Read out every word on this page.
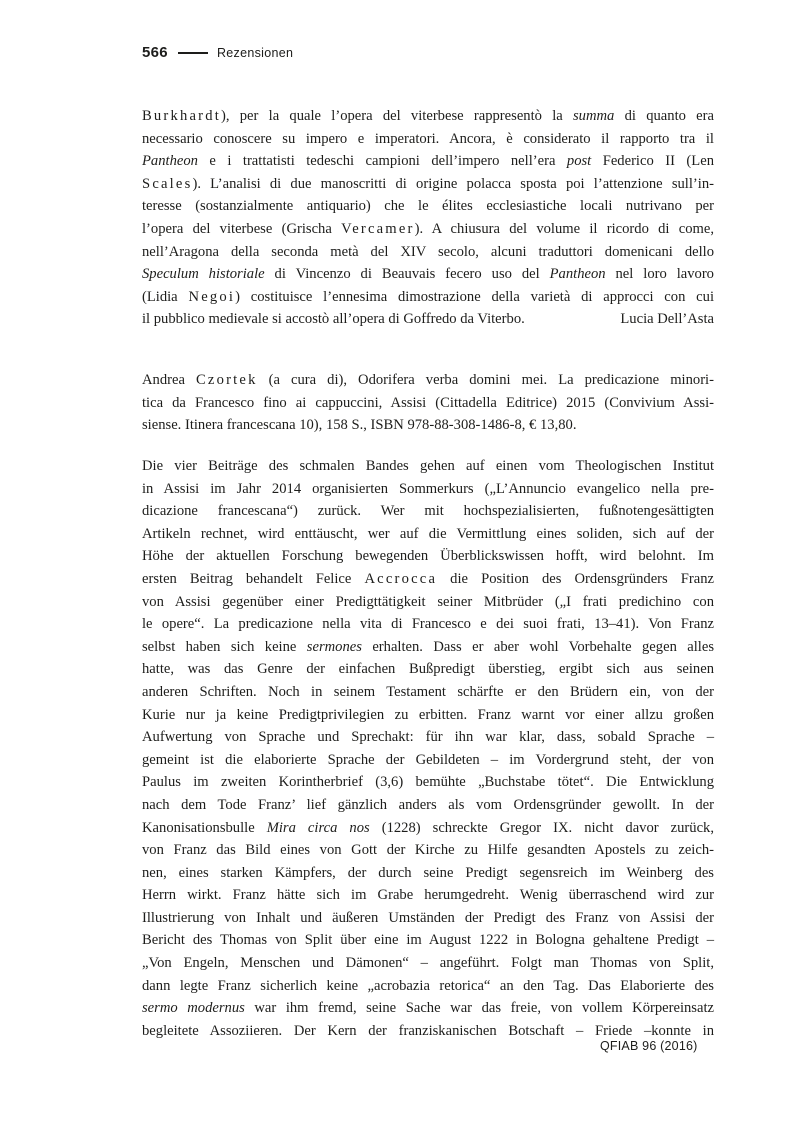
566	Rezensionen

Burkhardt), per la quale l’opera del viterbese rappresentò la summa di quanto era
necessario conoscere su impero e imperatori. Ancora, è considerato il rapporto tra il
Pantheon e i trattatisti tedeschi campioni dell’impero nell’era post Federico II (Len
Scales). L’analisi di due manoscritti di origine polacca sposta poi l’attenzione sull’in-
teresse (sostanzialmente antiquario) che le élites ecclesiastiche locali nutrivano per
l’opera del viterbese (Grischa Vercamer). A chiusura del volume il ricordo di come,
nell’Aragona della seconda metà del XIV secolo, alcuni traduttori domenicani dello
Speculum historiale di Vincenzo di Beauvais fecero uso del Pantheon nel loro lavoro
(Lidia Negoi) costituisce l’ennesima dimostrazione della varietà di approcci con cui
il pubblico medievale si accostò all’opera di Goffredo da Viterbo.	Lucia Dell’Asta

Andrea Czortek (a cura di), Odorifera verba domini mei. La predicazione minori-
tica da Francesco fino ai cappuccini, Assisi (Cittadella Editrice) 2015 (Convivium Assi-
siense. Itinera francescana 10), 158 S., ISBN 978-88-308-1486-8, € 13,80.

Die vier Beiträge des schmalen Bandes gehen auf einen vom Theologischen Institut
in Assisi im Jahr 2014 organisierten Sommerkurs („L’Annuncio evangelico nella pre-
dicazione francescana“) zurück. Wer mit hochspezialisierten, fußnotengesättigten
Artikeln rechnet, wird enttäuscht, wer auf die Vermittlung eines soliden, sich auf der
Höhe der aktuellen Forschung bewegenden Überblickswissen hofft, wird belohnt. Im
ersten Beitrag behandelt Felice Accrocca die Position des Ordensgründers Franz
von Assisi gegenüber einer Predigttätigkeit seiner Mitbrüder („I frati predichino con
le opere“. La predicazione nella vita di Francesco e dei suoi frati, 13–41). Von Franz
selbst haben sich keine sermones erhalten. Dass er aber wohl Vorbehalte gegen alles
hatte, was das Genre der einfachen Bußpredigt überstieg, ergibt sich aus seinen
anderen Schriften. Noch in seinem Testament schärfte er den Brüdern ein, von der
Kurie nur ja keine Predigtprivilegien zu erbitten. Franz warnt vor einer allzu großen
Aufwertung von Sprache und Sprechakt: für ihn war klar, dass, sobald Sprache –
gemeint ist die elaborierte Sprache der Gebildeten – im Vordergrund steht, der von
Paulus im zweiten Korintherbrief (3,6) bemühte „Buchstabe tötet“. Die Entwicklung
nach dem Tode Franz’ lief gänzlich anders als vom Ordensgründer gewollt. In der
Kanonisationsbulle Mira circa nos (1228) schreckte Gregor IX. nicht davor zurück,
von Franz das Bild eines von Gott der Kirche zu Hilfe gesandten Apostels zu zeich-
nen, eines starken Kämpfers, der durch seine Predigt segensreich im Weinberg des
Herrn wirkt. Franz hätte sich im Grabe herumgedreht. Wenig überraschend wird zur
Illustrierung von Inhalt und äußeren Umständen der Predigt des Franz von Assisi der
Bericht des Thomas von Split über eine im August 1222 in Bologna gehaltene Predigt –
„Von Engeln, Menschen und Dämonen“ – angeführt. Folgt man Thomas von Split,
dann legte Franz sicherlich keine „acrobazia retorica“ an den Tag. Das Elaborierte des
sermo modernus war ihm fremd, seine Sache war das freie, von vollem Körpereinsatz
begleitete Assoziieren. Der Kern der franziskanischen Botschaft – Friede –konnte in

QFIAB 96 (2016)
